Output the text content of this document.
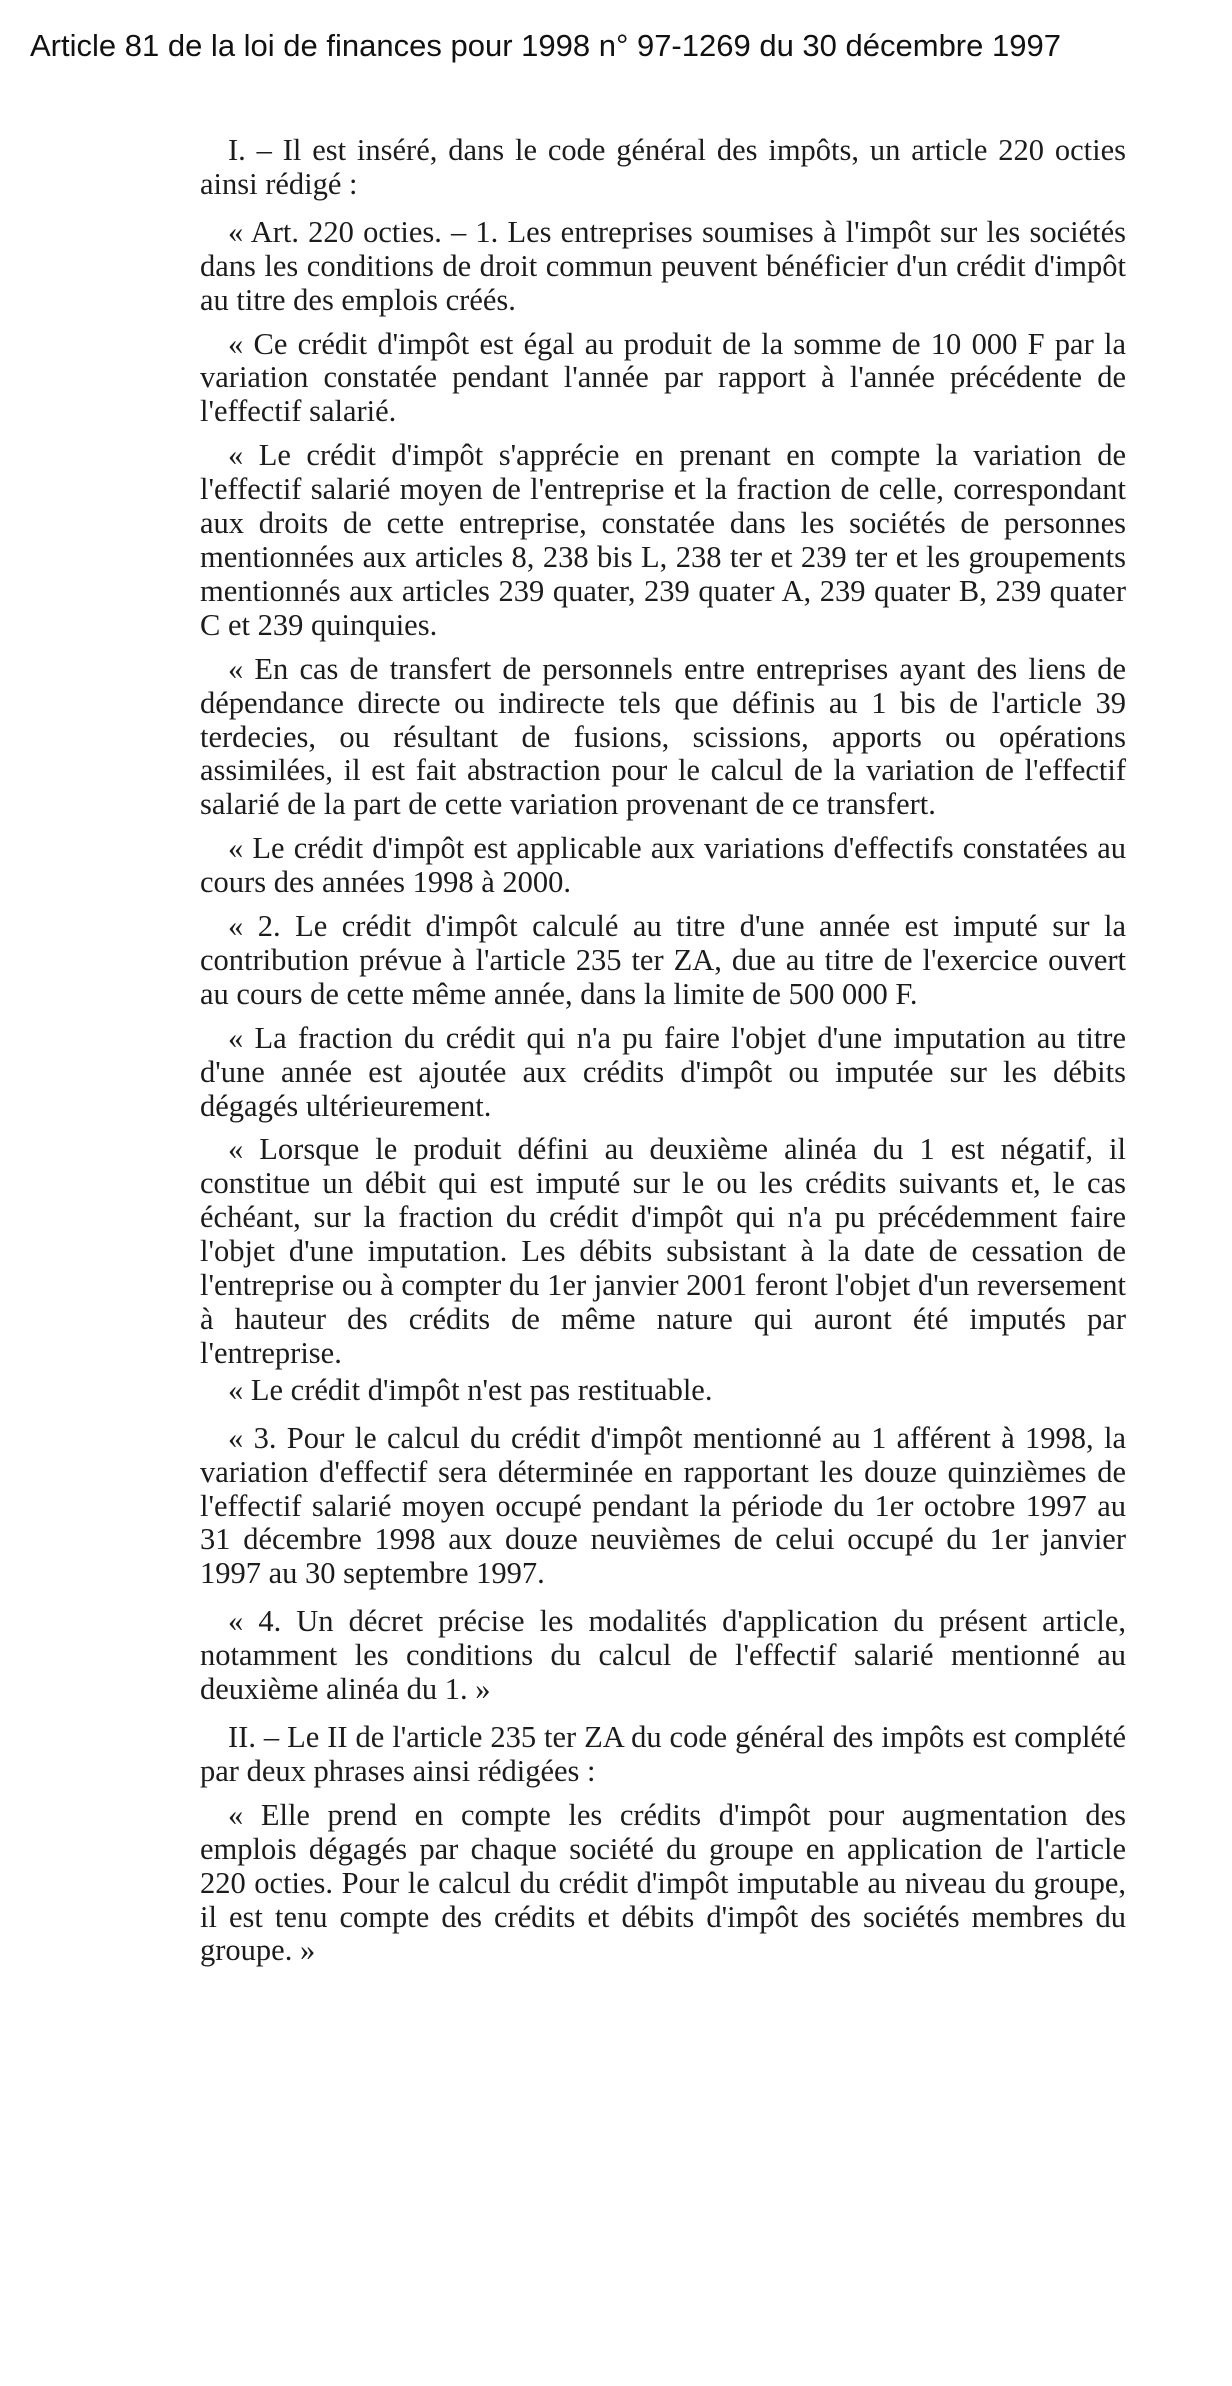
Article 81 de la loi de finances pour 1998 n° 97-1269 du 30 décembre 1997

I. – Il est inséré, dans le code général des impôts, un article 220 octies ainsi rédigé :

« Art. 220 octies. – 1. Les entreprises soumises à l'impôt sur les sociétés dans les conditions de droit commun peuvent bénéficier d'un crédit d'impôt au titre des emplois créés.

« Ce crédit d'impôt est égal au produit de la somme de 10 000 F par la variation constatée pendant l'année par rapport à l'année précédente de l'effectif salarié.

« Le crédit d'impôt s'apprécie en prenant en compte la variation de l'effectif salarié moyen de l'entreprise et la fraction de celle, correspondant aux droits de cette entreprise, constatée dans les sociétés de personnes mentionnées aux articles 8, 238 bis L, 238 ter et 239 ter et les groupements mentionnés aux articles 239 quater, 239 quater A, 239 quater B, 239 quater C et 239 quinquies.

« En cas de transfert de personnels entre entreprises ayant des liens de dépendance directe ou indirecte tels que définis au 1 bis de l'article 39 terdecies, ou résultant de fusions, scissions, apports ou opérations assimilées, il est fait abstraction pour le calcul de la variation de l'effectif salarié de la part de cette variation provenant de ce transfert.

« Le crédit d'impôt est applicable aux variations d'effectifs constatées au cours des années 1998 à 2000.

« 2. Le crédit d'impôt calculé au titre d'une année est imputé sur la contribution prévue à l'article 235 ter ZA, due au titre de l'exercice ouvert au cours de cette même année, dans la limite de 500 000 F.

« La fraction du crédit qui n'a pu faire l'objet d'une imputation au titre d'une année est ajoutée aux crédits d'impôt ou imputée sur les débits dégagés ultérieurement.

« Lorsque le produit défini au deuxième alinéa du 1 est négatif, il constitue un débit qui est imputé sur le ou les crédits suivants et, le cas échéant, sur la fraction du crédit d'impôt qui n'a pu précédemment faire l'objet d'une imputation. Les débits subsistant à la date de cessation de l'entreprise ou à compter du 1er janvier 2001 feront l'objet d'un reversement à hauteur des crédits de même nature qui auront été imputés par l'entreprise.

« Le crédit d'impôt n'est pas restituable.

« 3. Pour le calcul du crédit d'impôt mentionné au 1 afférent à 1998, la variation d'effectif sera déterminée en rapportant les douze quinzièmes de l'effectif salarié moyen occupé pendant la période du 1er octobre 1997 au 31 décembre 1998 aux douze neuvièmes de celui occupé du 1er janvier 1997 au 30 septembre 1997.

« 4. Un décret précise les modalités d'application du présent article, notamment les conditions du calcul de l'effectif salarié mentionné au deuxième alinéa du 1. »

II. – Le II de l'article 235 ter ZA du code général des impôts est complété par deux phrases ainsi rédigées :

« Elle prend en compte les crédits d'impôt pour augmentation des emplois dégagés par chaque société du groupe en application de l'article 220 octies. Pour le calcul du crédit d'impôt imputable au niveau du groupe, il est tenu compte des crédits et débits d'impôt des sociétés membres du groupe. »
